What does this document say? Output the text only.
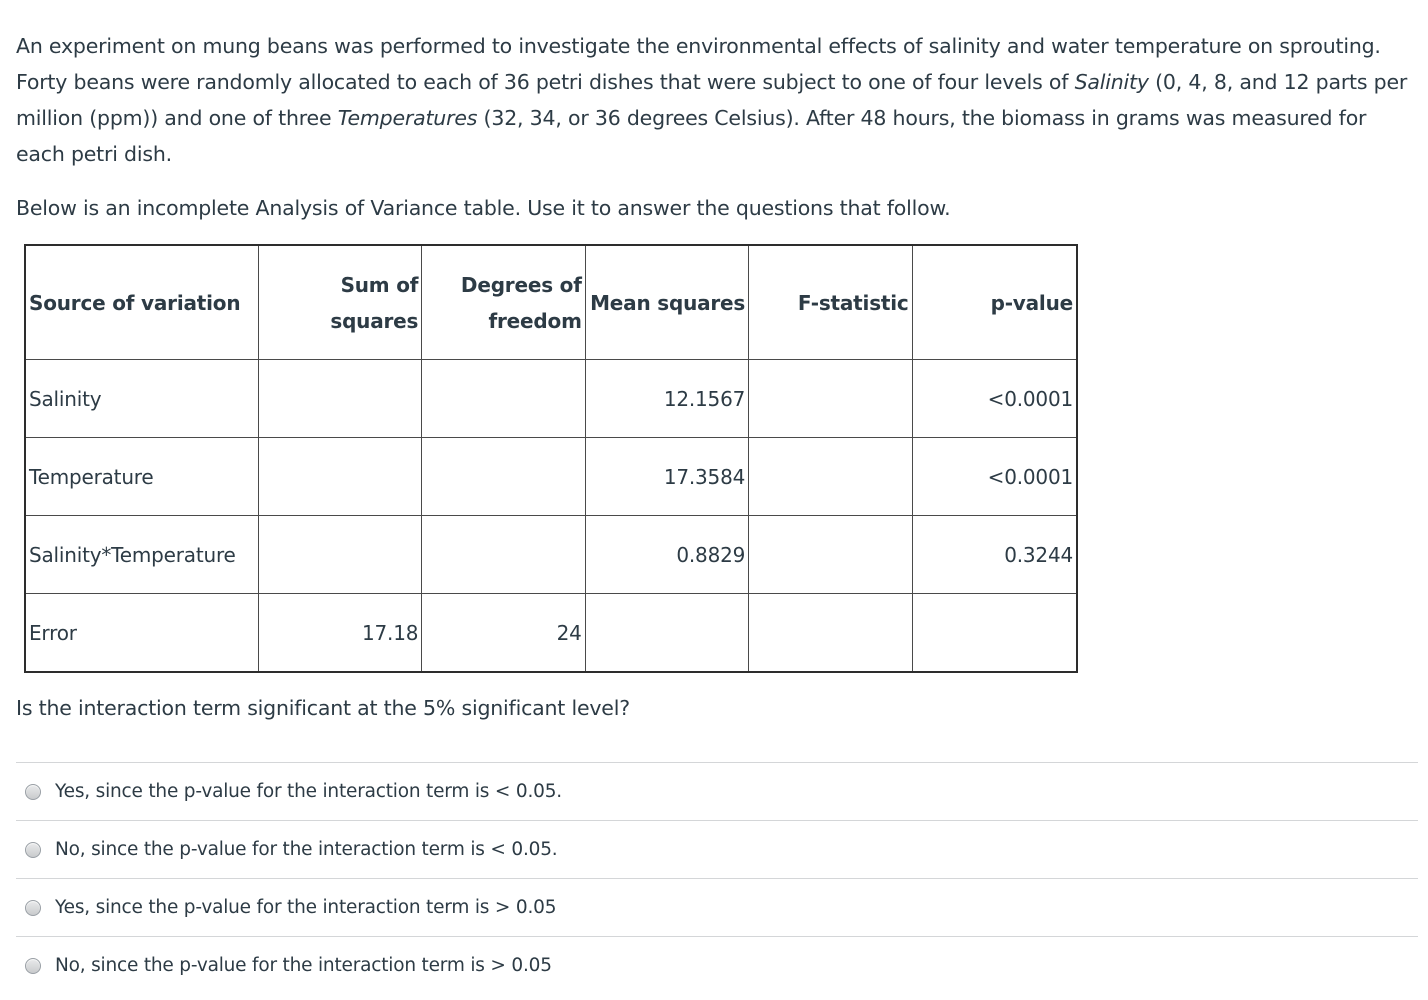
An experiment on mung beans was performed to investigate the environmental effects of salinity and water temperature on sprouting. Forty beans were randomly allocated to each of 36 petri dishes that were subject to one of four levels of Salinity (0, 4, 8, and 12 parts per million (ppm)) and one of three Temperatures (32, 34, or 36 degrees Celsius). After 48 hours, the biomass in grams was measured for each petri dish.

Below is an incomplete Analysis of Variance table. Use it to answer the questions that follow.

Source of variation	Sum of squares	Degrees of freedom	Mean squares	F-statistic	p-value
Salinity			12.1567		<0.0001
Temperature			17.3584		<0.0001
Salinity*Temperature			0.8829		0.3244
Error	17.18	24			

Is the interaction term significant at the 5% significant level?

Yes, since the p-value for the interaction term is < 0.05.
No, since the p-value for the interaction term is < 0.05.
Yes, since the p-value for the interaction term is > 0.05
No, since the p-value for the interaction term is > 0.05
